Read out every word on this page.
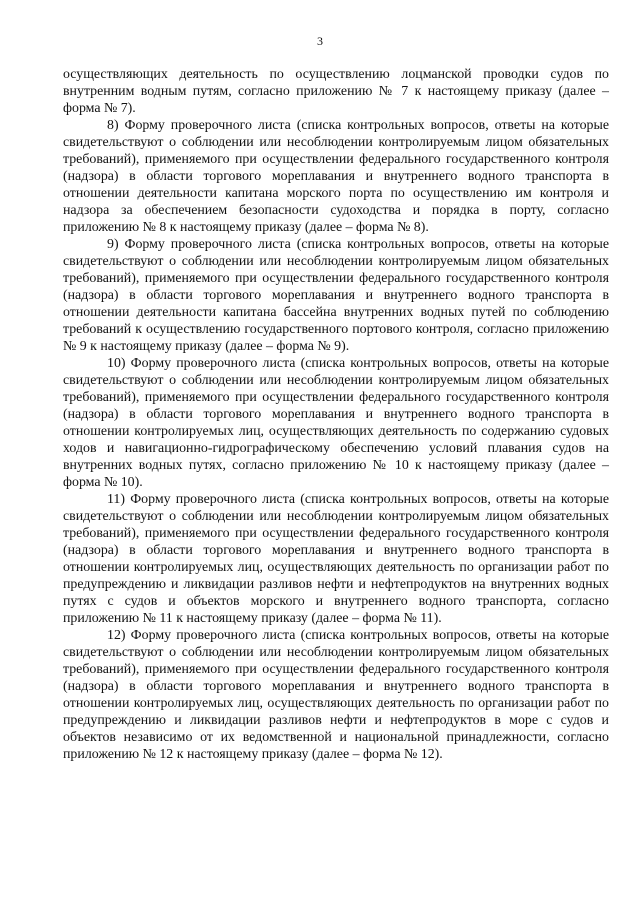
3

осуществляющих деятельность по осуществлению лоцманской проводки судов по внутренним водным путям, согласно приложению № 7 к настоящему приказу (далее – форма № 7).

8) Форму проверочного листа (списка контрольных вопросов, ответы на которые свидетельствуют о соблюдении или несоблюдении контролируемым лицом обязательных требований), применяемого при осуществлении федерального государственного контроля (надзора) в области торгового мореплавания и внутреннего водного транспорта в отношении деятельности капитана морского порта по осуществлению им контроля и надзора за обеспечением безопасности судоходства и порядка в порту, согласно приложению № 8 к настоящему приказу (далее – форма № 8).

9) Форму проверочного листа (списка контрольных вопросов, ответы на которые свидетельствуют о соблюдении или несоблюдении контролируемым лицом обязательных требований), применяемого при осуществлении федерального государственного контроля (надзора) в области торгового мореплавания и внутреннего водного транспорта в отношении деятельности капитана бассейна внутренних водных путей по соблюдению требований к осуществлению государственного портового контроля, согласно приложению № 9 к настоящему приказу (далее – форма № 9).

10) Форму проверочного листа (списка контрольных вопросов, ответы на которые свидетельствуют о соблюдении или несоблюдении контролируемым лицом обязательных требований), применяемого при осуществлении федерального государственного контроля (надзора) в области торгового мореплавания и внутреннего водного транспорта в отношении контролируемых лиц, осуществляющих деятельность по содержанию судовых ходов и навигационно-гидрографическому обеспечению условий плавания судов на внутренних водных путях, согласно приложению № 10 к настоящему приказу (далее – форма № 10).

11) Форму проверочного листа (списка контрольных вопросов, ответы на которые свидетельствуют о соблюдении или несоблюдении контролируемым лицом обязательных требований), применяемого при осуществлении федерального государственного контроля (надзора) в области торгового мореплавания и внутреннего водного транспорта в отношении контролируемых лиц, осуществляющих деятельность по организации работ по предупреждению и ликвидации разливов нефти и нефтепродуктов на внутренних водных путях с судов и объектов морского и внутреннего водного транспорта, согласно приложению № 11 к настоящему приказу (далее – форма № 11).

12) Форму проверочного листа (списка контрольных вопросов, ответы на которые свидетельствуют о соблюдении или несоблюдении контролируемым лицом обязательных требований), применяемого при осуществлении федерального государственного контроля (надзора) в области торгового мореплавания и внутреннего водного транспорта в отношении контролируемых лиц, осуществляющих деятельность по организации работ по предупреждению и ликвидации разливов нефти и нефтепродуктов в море с судов и объектов независимо от их ведомственной и национальной принадлежности, согласно приложению № 12 к настоящему приказу (далее – форма № 12).
